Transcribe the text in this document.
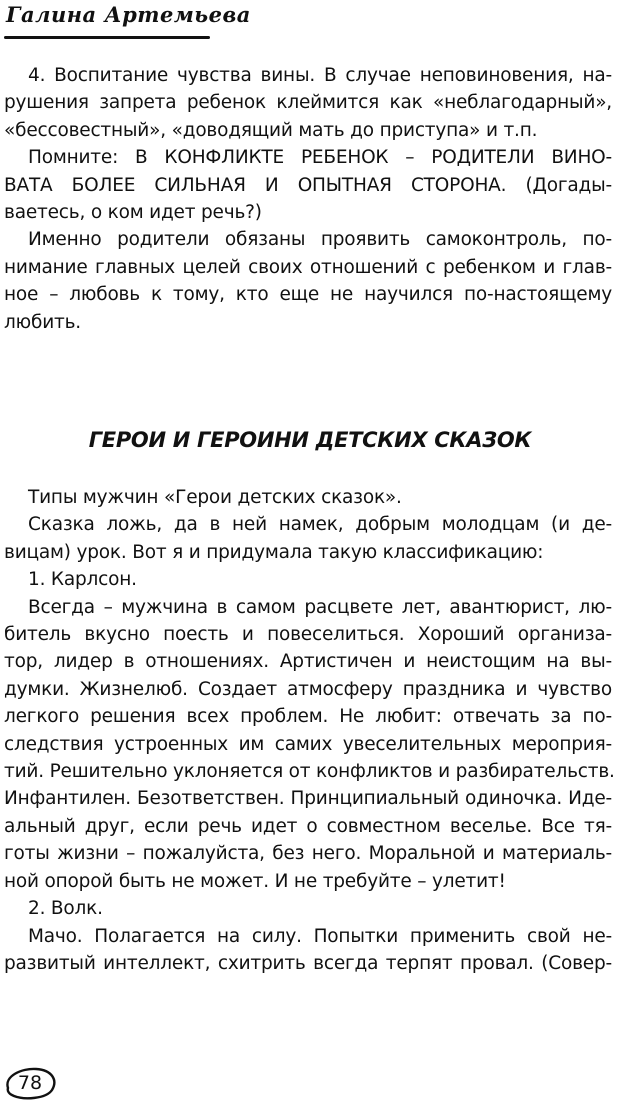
Галина Артемьева
4. Воспитание чувства вины. В случае неповиновения, на-
рушения запрета ребенок клеймится как «неблагодарный»,
«бессовестный», «доводящий мать до приступа» и т.п.
Помните: В КОНФЛИКТЕ РЕБЕНОК – РОДИТЕЛИ ВИНО-
ВАТА БОЛЕЕ СИЛЬНАЯ И ОПЫТНАЯ СТОРОНА. (Догады-
ваетесь, о ком идет речь?)
Именно родители обязаны проявить самоконтроль, по-
нимание главных целей своих отношений с ребенком и глав-
ное – любовь к тому, кто еще не научился по-настоящему
любить.
ГЕРОИ И ГЕРОИНИ ДЕТСКИХ СКАЗОК
Типы мужчин «Герои детских сказок».
Сказка ложь, да в ней намек, добрым молодцам (и де-
вицам) урок. Вот я и придумала такую классификацию:
1. Карлсон.
Всегда – мужчина в самом расцвете лет, авантюрист, лю-
битель вкусно поесть и повеселиться. Хороший организа-
тор, лидер в отношениях. Артистичен и неистощим на вы-
думки. Жизнелюб. Создает атмосферу праздника и чувство
легкого решения всех проблем. Не любит: отвечать за по-
следствия устроенных им самих увеселительных мероприя-
тий. Решительно уклоняется от конфликтов и разбирательств.
Инфантилен. Безответствен. Принципиальный одиночка. Иде-
альный друг, если речь идет о совместном веселье. Все тя-
готы жизни – пожалуйста, без него. Моральной и материаль-
ной опорой быть не может. И не требуйте – улетит!
2. Волк.
Мачо. Полагается на силу. Попытки применить свой не-
развитый интеллект, схитрить всегда терпят провал. (Совер-
78
